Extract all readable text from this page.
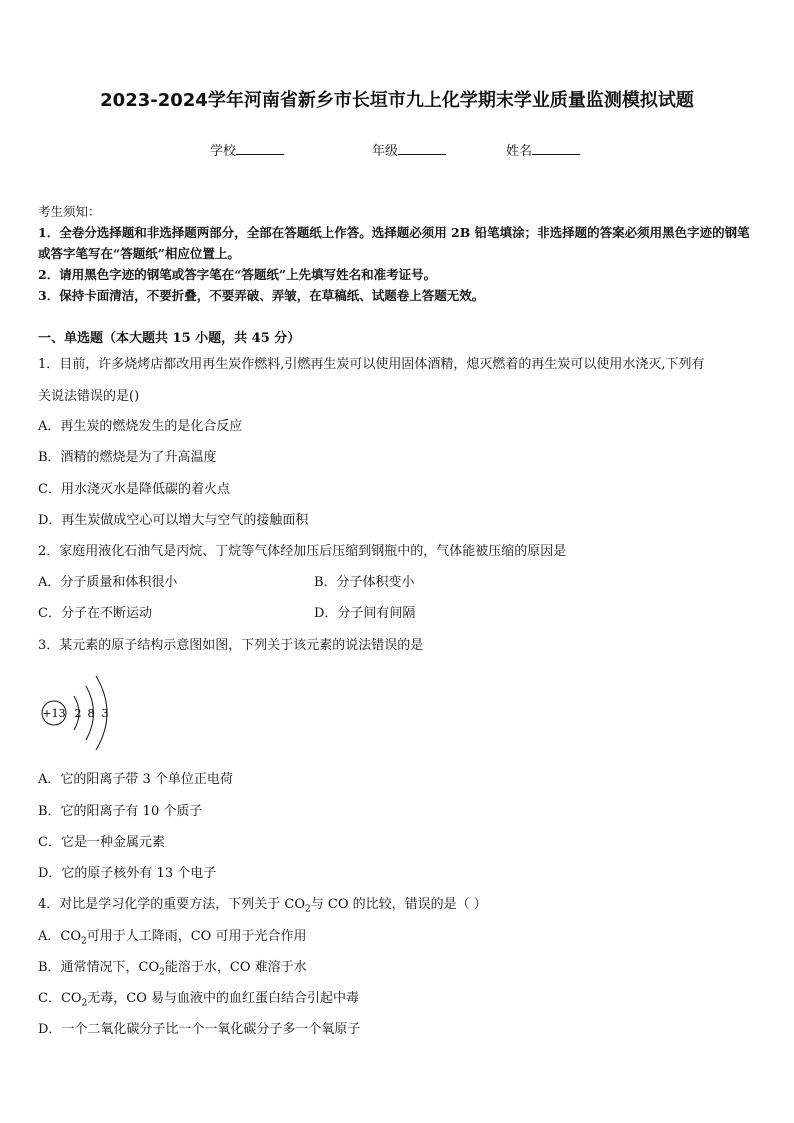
2023-2024学年河南省新乡市长垣市九上化学期末学业质量监测模拟试题
学校	年级	姓名
考生须知：
1．全卷分选择题和非选择题两部分，全部在答题纸上作答。选择题必须用 2B 铅笔填涂；非选择题的答案必须用黑色字迹的钢笔或答字笔写在“答题纸”相应位置上。
2．请用黑色字迹的钢笔或答字笔在“答题纸”上先填写姓名和准考证号。
3．保持卡面清洁，不要折叠，不要弄破、弄皱，在草稿纸、试题卷上答题无效。
一、单选题（本大题共 15 小题，共 45 分）
1．目前，许多烧烤店都改用再生炭作燃料,引燃再生炭可以使用固体酒精，熄灭燃着的再生炭可以使用水浇灭,下列有
关说法错误的是()
A．再生炭的燃烧发生的是化合反应
B．酒精的燃烧是为了升高温度
C．用水浇灭水是降低碳的着火点
D．再生炭做成空心可以增大与空气的接触面积
2．家庭用液化石油气是丙烷、丁烷等气体经加压后压缩到钢瓶中的，气体能被压缩的原因是
A．分子质量和体积很小	B．分子体积变小
C．分子在不断运动	D．分子间有间隔
3．某元素的原子结构示意图如图，下列关于该元素的说法错误的是
+13 2 8 3
A．它的阳离子带 3 个单位正电荷
B．它的阳离子有 10 个质子
C．它是一种金属元素
D．它的原子核外有 13 个电子
4．对比是学习化学的重要方法，下列关于 $CO_2$与 CO 的比较，错误的是（ ）
A．$CO_2$可用于人工降雨，CO 可用于光合作用
B．通常情况下，$CO_2$能溶于水，CO 难溶于水
C．$CO_2$无毒，CO 易与血液中的血红蛋白结合引起中毒
D．一个二氧化碳分子比一个一氧化碳分子多一个氧原子
